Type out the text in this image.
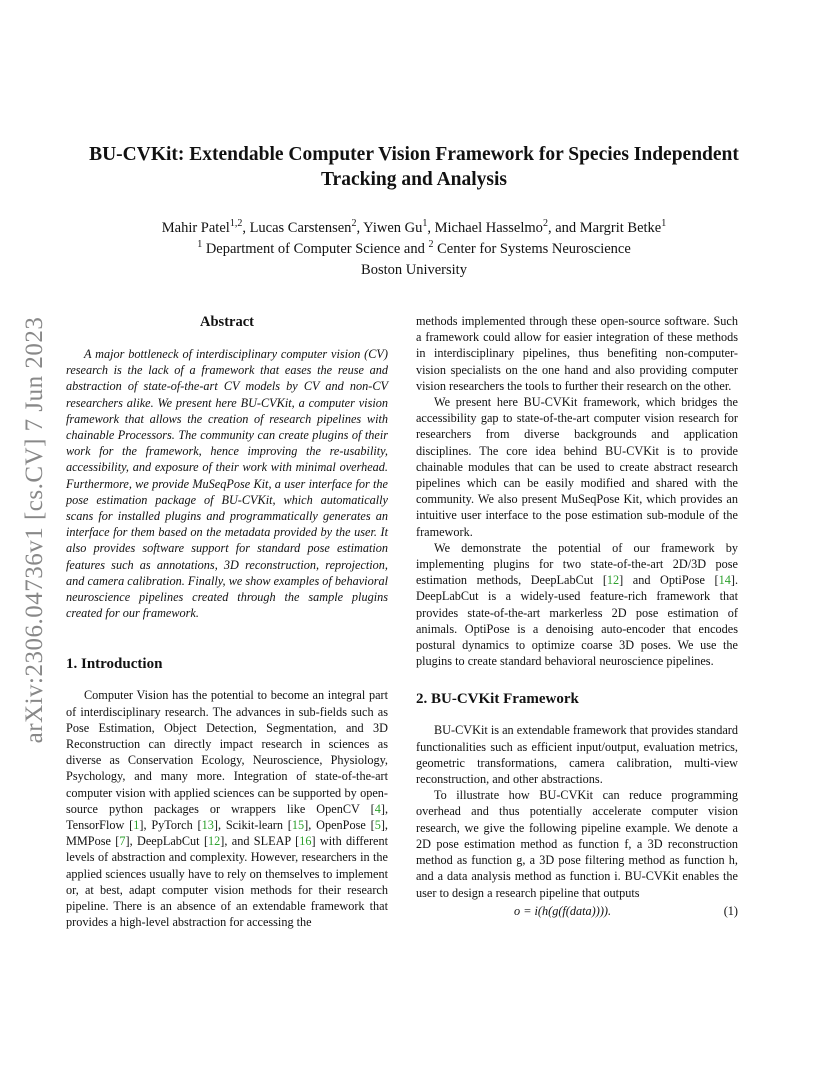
arXiv:2306.04736v1 [cs.CV] 7 Jun 2023
BU-CVKit: Extendable Computer Vision Framework for Species Independent
Tracking and Analysis
Mahir Patel$^{1,2}$, Lucas Carstensen$^2$, Yiwen Gu$^1$, Michael Hasselmo$^2$, and Margrit Betke$^1$
$^1$ Department of Computer Science and $^2$ Center for Systems Neuroscience
Boston University
Abstract

A major bottleneck of interdisciplinary computer vision (CV) research is the lack of a framework that eases the reuse and abstraction of state-of-the-art CV models by CV and non-CV researchers alike. We present here BU-CVKit, a computer vision framework that allows the creation of research pipelines with chainable Processors. The community can create plugins of their work for the framework, hence improving the re-usability, accessibility, and exposure of their work with minimal overhead. Furthermore, we provide MuSeqPose Kit, a user interface for the pose estimation package of BU-CVKit, which automatically scans for installed plugins and programmatically generates an interface for them based on the metadata provided by the user. It also provides software support for standard pose estimation features such as annotations, 3D reconstruction, reprojection, and camera calibration. Finally, we show examples of behavioral neuroscience pipelines created through the sample plugins created for our framework.

1. Introduction

Computer Vision has the potential to become an integral part of interdisciplinary research. The advances in sub-fields such as Pose Estimation, Object Detection, Segmentation, and 3D Reconstruction can directly impact research in sciences as diverse as Conservation Ecology, Neuroscience, Physiology, Psychology, and many more. Integration of state-of-the-art computer vision with applied sciences can be supported by open-source python packages or wrappers like OpenCV [4], TensorFlow [1], PyTorch [13], Scikit-learn [15], OpenPose [5], MMPose [7], DeepLabCut [12], and SLEAP [16] with different levels of abstraction and complexity. However, researchers in the applied sciences usually have to rely on themselves to implement or, at best, adapt computer vision methods for their research pipeline. There is an absence of an extendable framework that provides a high-level abstraction for accessing the

methods implemented through these open-source software. Such a framework could allow for easier integration of these methods in interdisciplinary pipelines, thus benefiting non-computer-vision specialists on the one hand and also providing computer vision researchers the tools to further their research on the other.

We present here BU-CVKit framework, which bridges the accessibility gap to state-of-the-art computer vision research for researchers from diverse backgrounds and application disciplines. The core idea behind BU-CVKit is to provide chainable modules that can be used to create abstract research pipelines which can be easily modified and shared with the community. We also present MuSeqPose Kit, which provides an intuitive user interface to the pose estimation sub-module of the framework.

We demonstrate the potential of our framework by implementing plugins for two state-of-the-art 2D/3D pose estimation methods, DeepLabCut [12] and OptiPose [14]. DeepLabCut is a widely-used feature-rich framework that provides state-of-the-art markerless 2D pose estimation of animals. OptiPose is a denoising auto-encoder that encodes postural dynamics to optimize coarse 3D poses. We use the plugins to create standard behavioral neuroscience pipelines.

2. BU-CVKit Framework

BU-CVKit is an extendable framework that provides standard functionalities such as efficient input/output, evaluation metrics, geometric transformations, camera calibration, multi-view reconstruction, and other abstractions.

To illustrate how BU-CVKit can reduce programming overhead and thus potentially accelerate computer vision research, we give the following pipeline example. We denote a 2D pose estimation method as function f, a 3D reconstruction method as function g, a 3D pose filtering method as function h, and a data analysis method as function i. BU-CVKit enables the user to design a research pipeline that outputs

o = i(h(g(f(data)))).	(1)
